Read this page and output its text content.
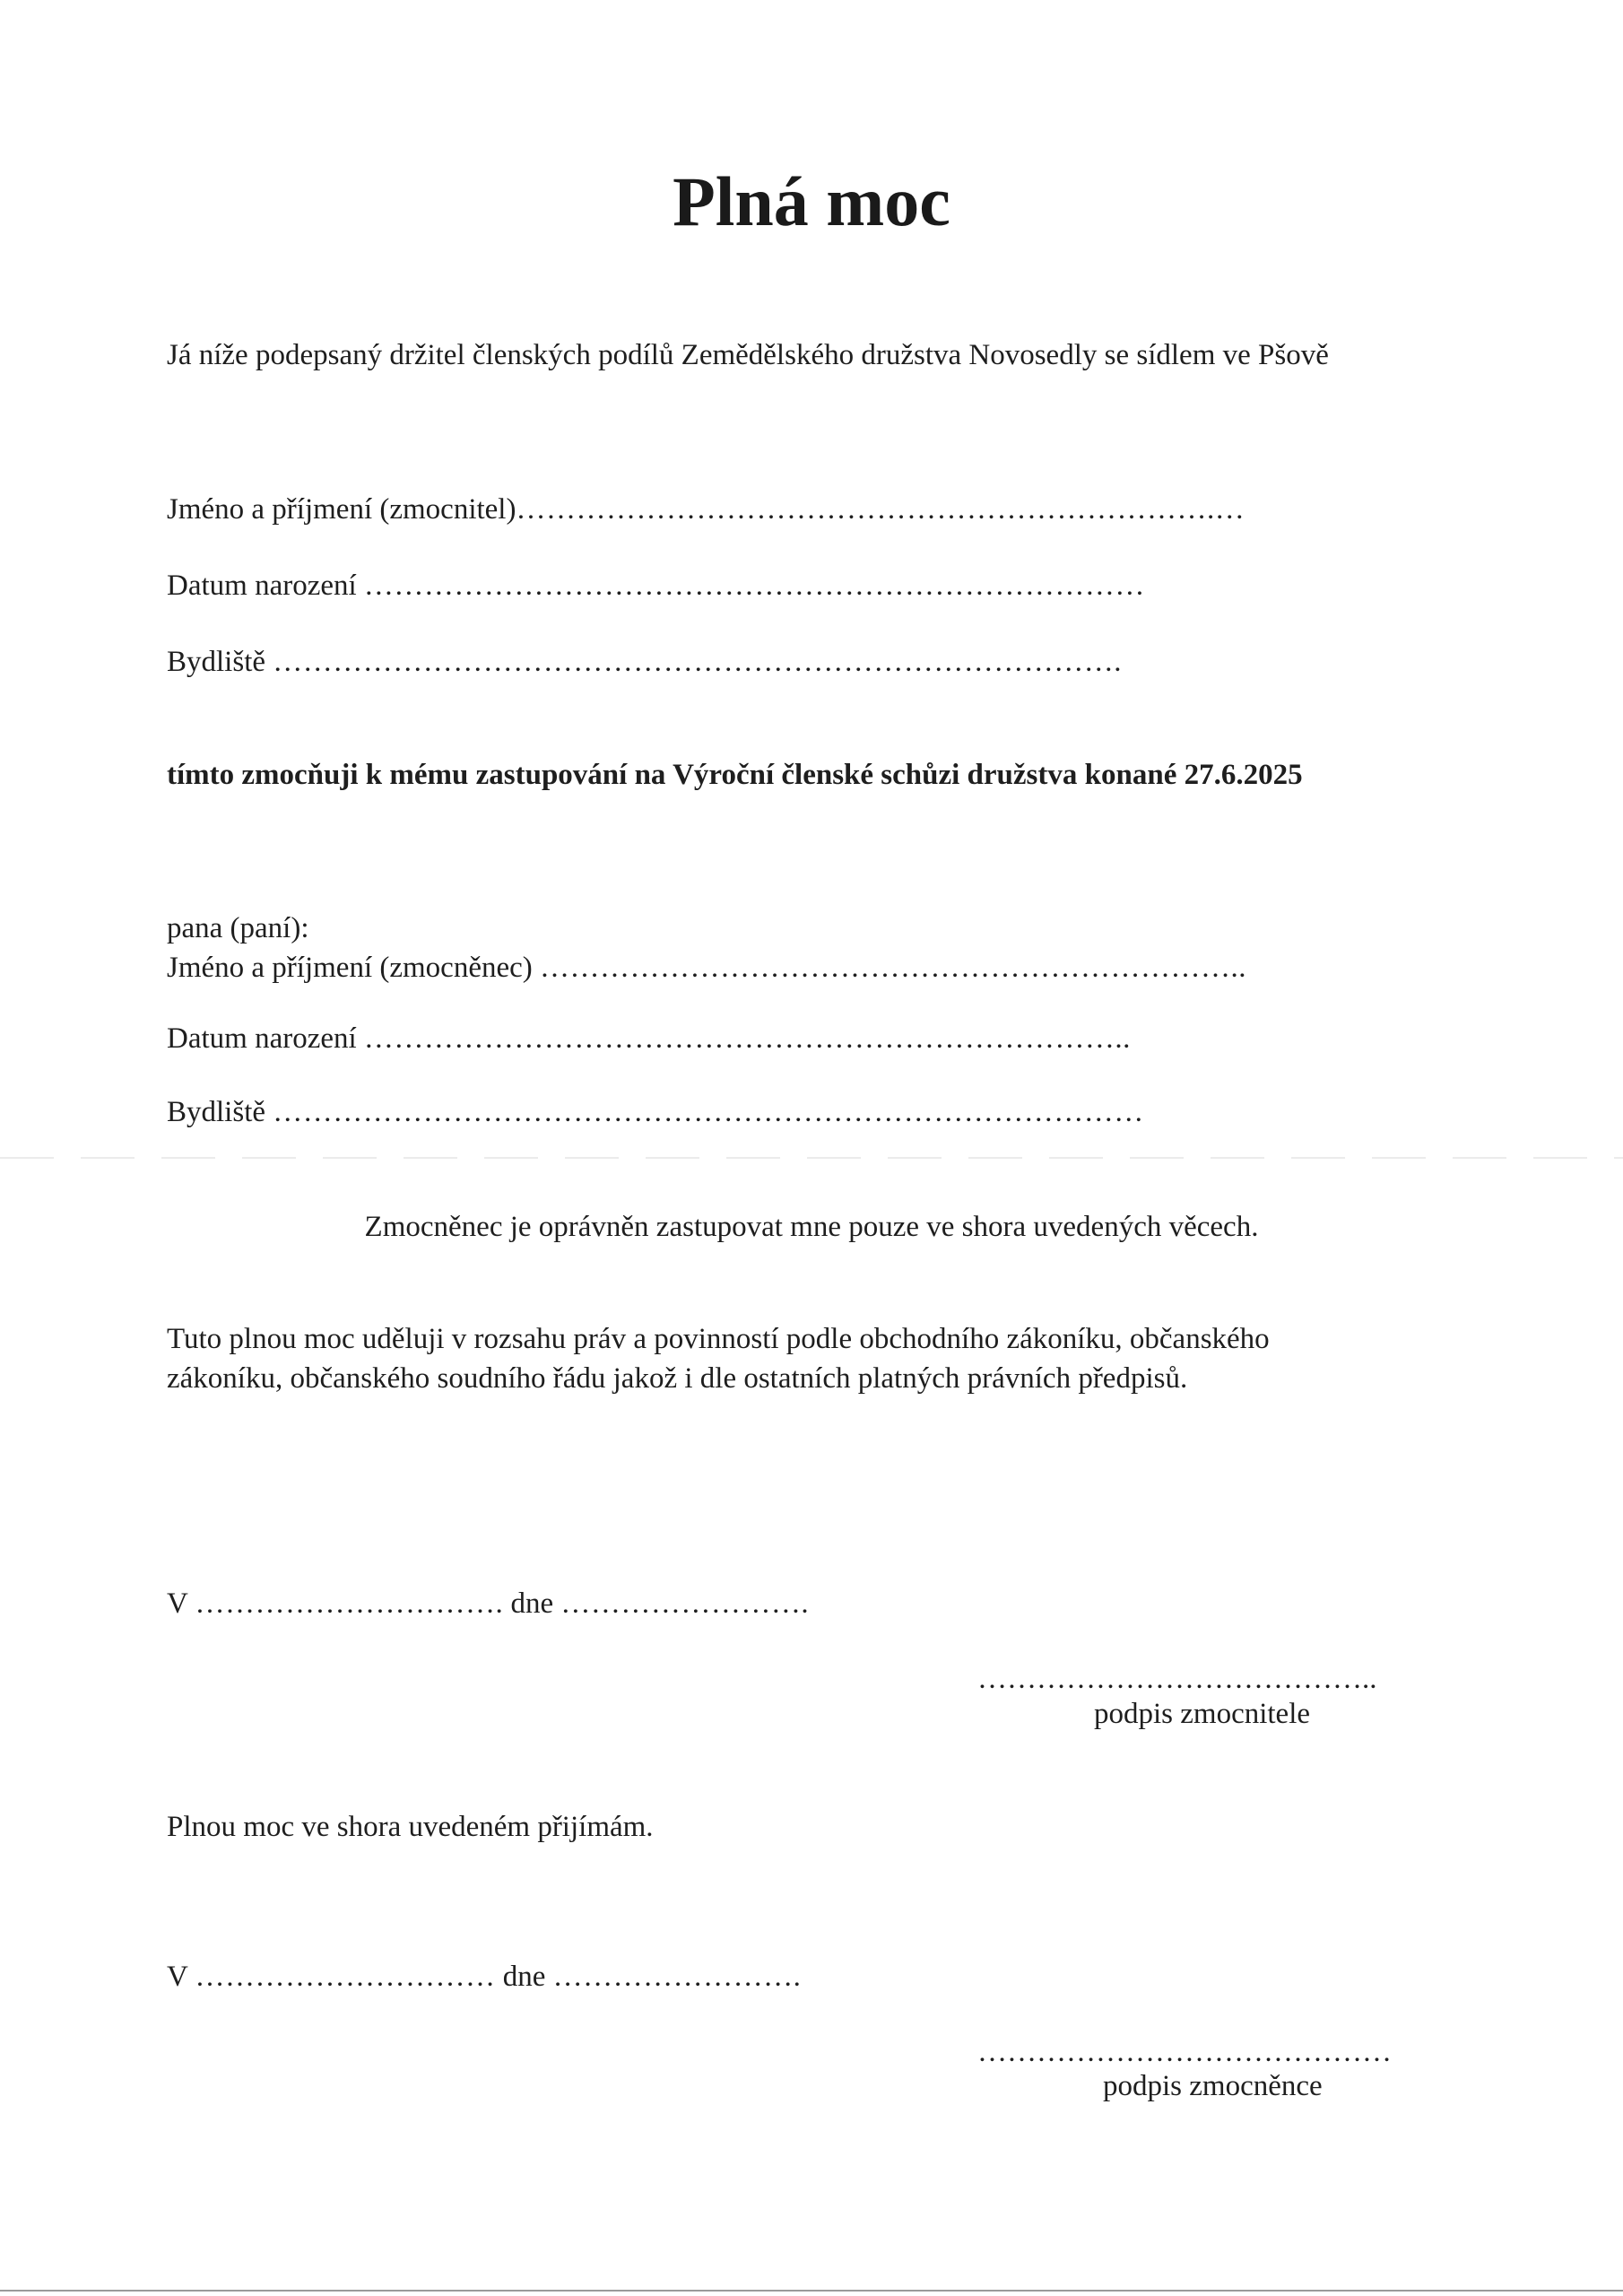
Plná moc
Já níže podepsaný držitel členských podílů Zemědělského družstva Novosedly se sídlem ve Pšově
Jméno a příjmení (zmocnitel)…………………………………………………………….…
Datum narození ……………………………………………………………………
Bydliště ………………………………………………………………………….
tímto zmocňuji k mému zastupování na Výroční členské schůzi družstva konané 27.6.2025
pana (paní):
Jméno a příjmení (zmocněnec) ……………………………………………………………..
Datum narození …………………………………………………………………..
Bydliště ……………………………………………………………………………
Zmocněnec je oprávněn zastupovat mne pouze ve shora uvedených věcech.
Tuto plnou moc uděluji v rozsahu práv a povinností podle obchodního zákoníku, občanského
zákoníku, občanského soudního řádu jakož i dle ostatních platných právních předpisů.
V …………………………. dne …………………….
…………………………………..
podpis zmocnitele
Plnou moc ve shora uvedeném přijímám.
V ………………………… dne …………………….
……………………………………
podpis zmocněnce
